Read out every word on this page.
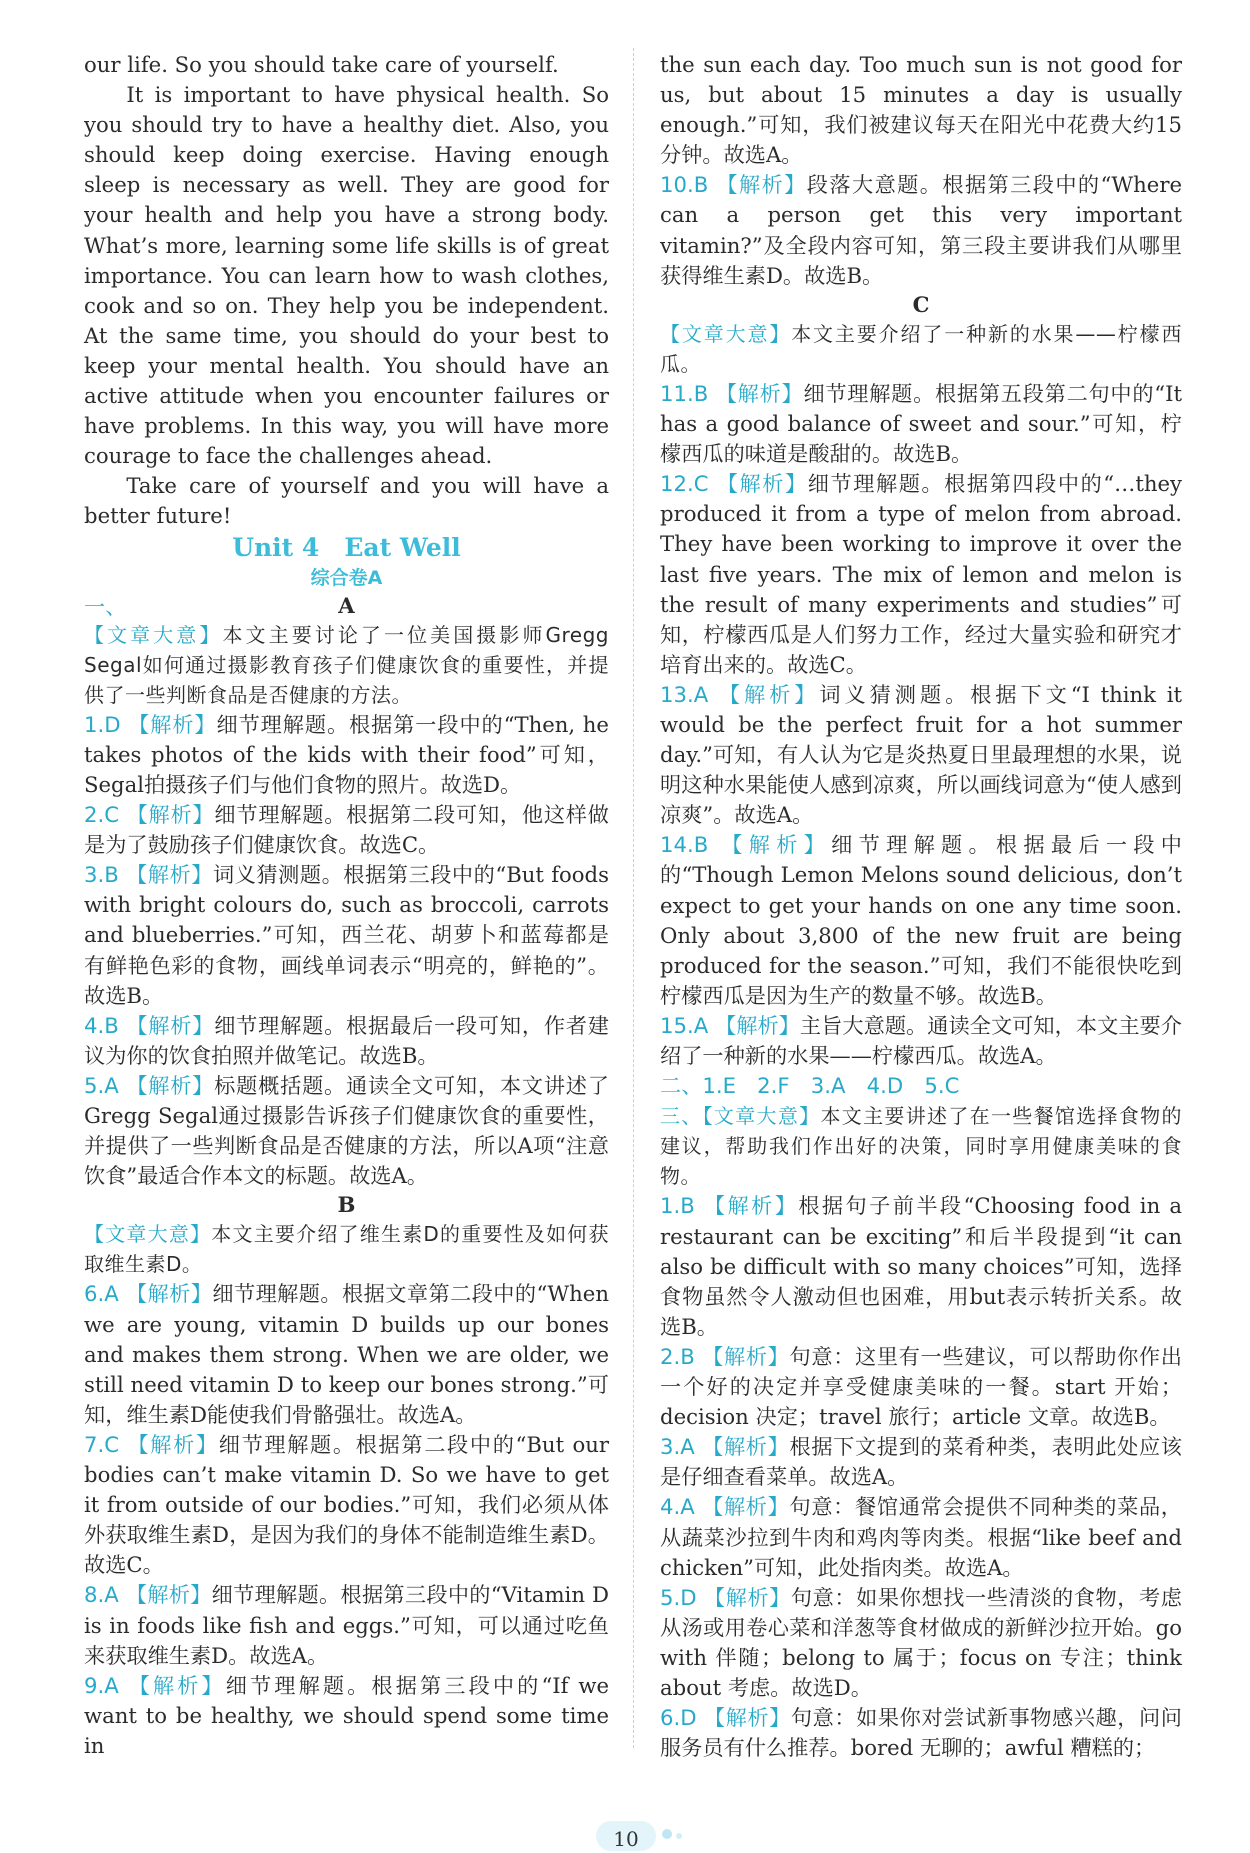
our life. So you should take care of yourself.

It is important to have physical health. So you should try to have a healthy diet. Also, you should keep doing exercise. Having enough sleep is necessary as well. They are good for your health and help you have a strong body. What’s more, learning some life skills is of great importance. You can learn how to wash clothes, cook and so on. They help you be independent. At the same time, you should do your best to keep your mental health. You should have an active attitude when you encounter failures or have problems. In this way, you will have more courage to face the challenges ahead.

Take care of yourself and you will have a better future!

Unit 4　Eat Well
综合卷A
一、	A

【文章大意】本文主要讨论了一位美国摄影师Gregg Segal如何通过摄影教育孩子们健康饮食的重要性，并提供了一些判断食品是否健康的方法。

1.D 【解析】细节理解题。根据第一段中的“Then, he takes photos of the kids with their food”可知，Segal拍摄孩子们与他们食物的照片。故选D。

2.C 【解析】细节理解题。根据第二段可知，他这样做是为了鼓励孩子们健康饮食。故选C。

3.B 【解析】词义猜测题。根据第三段中的“But foods with bright colours do, such as broccoli, carrots and blueberries.”可知，西兰花、胡萝卜和蓝莓都是有鲜艳色彩的食物，画线单词表示“明亮的，鲜艳的”。故选B。

4.B 【解析】细节理解题。根据最后一段可知，作者建议为你的饮食拍照并做笔记。故选B。

5.A 【解析】标题概括题。通读全文可知，本文讲述了Gregg Segal通过摄影告诉孩子们健康饮食的重要性，并提供了一些判断食品是否健康的方法，所以A项“注意饮食”最适合作本文的标题。故选A。

B

【文章大意】本文主要介绍了维生素D的重要性及如何获取维生素D。

6.A 【解析】细节理解题。根据文章第二段中的“When we are young, vitamin D builds up our bones and makes them strong. When we are older, we still need vitamin D to keep our bones strong.”可知，维生素D能使我们骨骼强壮。故选A。

7.C 【解析】细节理解题。根据第二段中的“But our bodies can’t make vitamin D. So we have to get it from outside of our bodies.”可知，我们必须从体外获取维生素D，是因为我们的身体不能制造维生素D。故选C。

8.A 【解析】细节理解题。根据第三段中的“Vitamin D is in foods like fish and eggs.”可知，可以通过吃鱼来获取维生素D。故选A。

9.A 【解析】细节理解题。根据第三段中的“If we want to be healthy, we should spend some time in

the sun each day. Too much sun is not good for us, but about 15 minutes a day is usually enough.”可知，我们被建议每天在阳光中花费大约15分钟。故选A。

10.B 【解析】段落大意题。根据第三段中的“Where can a person get this very important vitamin?”及全段内容可知，第三段主要讲我们从哪里获得维生素D。故选B。

C

【文章大意】本文主要介绍了一种新的水果——柠檬西瓜。

11.B 【解析】细节理解题。根据第五段第二句中的“It has a good balance of sweet and sour.”可知，柠檬西瓜的味道是酸甜的。故选B。

12.C 【解析】细节理解题。根据第四段中的“…they produced it from a type of melon from abroad. They have been working to improve it over the last five years. The mix of lemon and melon is the result of many experiments and studies”可知，柠檬西瓜是人们努力工作，经过大量实验和研究才培育出来的。故选C。

13.A 【解析】词义猜测题。根据下文“I think it would be the perfect fruit for a hot summer day.”可知，有人认为它是炎热夏日里最理想的水果，说明这种水果能使人感到凉爽，所以画线词意为“使人感到凉爽”。故选A。

14.B 【解析】细节理解题。根据最后一段中的“Though Lemon Melons sound delicious, don’t expect to get your hands on one any time soon. Only about 3,800 of the new fruit are being produced for the season.”可知，我们不能很快吃到柠檬西瓜是因为生产的数量不够。故选B。

15.A 【解析】主旨大意题。通读全文可知，本文主要介绍了一种新的水果——柠檬西瓜。故选A。

二、1.E　2.F　3.A　4.D　5.C

三、【文章大意】本文主要讲述了在一些餐馆选择食物的建议，帮助我们作出好的决策，同时享用健康美味的食物。

1.B 【解析】根据句子前半段“Choosing food in a restaurant can be exciting”和后半段提到“it can also be difficult with so many choices”可知，选择食物虽然令人激动但也困难，用but表示转折关系。故选B。

2.B 【解析】句意：这里有一些建议，可以帮助你作出一个好的决定并享受健康美味的一餐。start 开始；decision 决定；travel 旅行；article 文章。故选B。

3.A 【解析】根据下文提到的菜肴种类，表明此处应该是仔细查看菜单。故选A。

4.A 【解析】句意：餐馆通常会提供不同种类的菜品，从蔬菜沙拉到牛肉和鸡肉等肉类。根据“like beef and chicken”可知，此处指肉类。故选A。

5.D 【解析】句意：如果你想找一些清淡的食物，考虑从汤或用卷心菜和洋葱等食材做成的新鲜沙拉开始。go with 伴随；belong to 属于；focus on 专注；think about 考虑。故选D。

6.D 【解析】句意：如果你对尝试新事物感兴趣，问问服务员有什么推荐。bored 无聊的；awful 糟糕的；

10
